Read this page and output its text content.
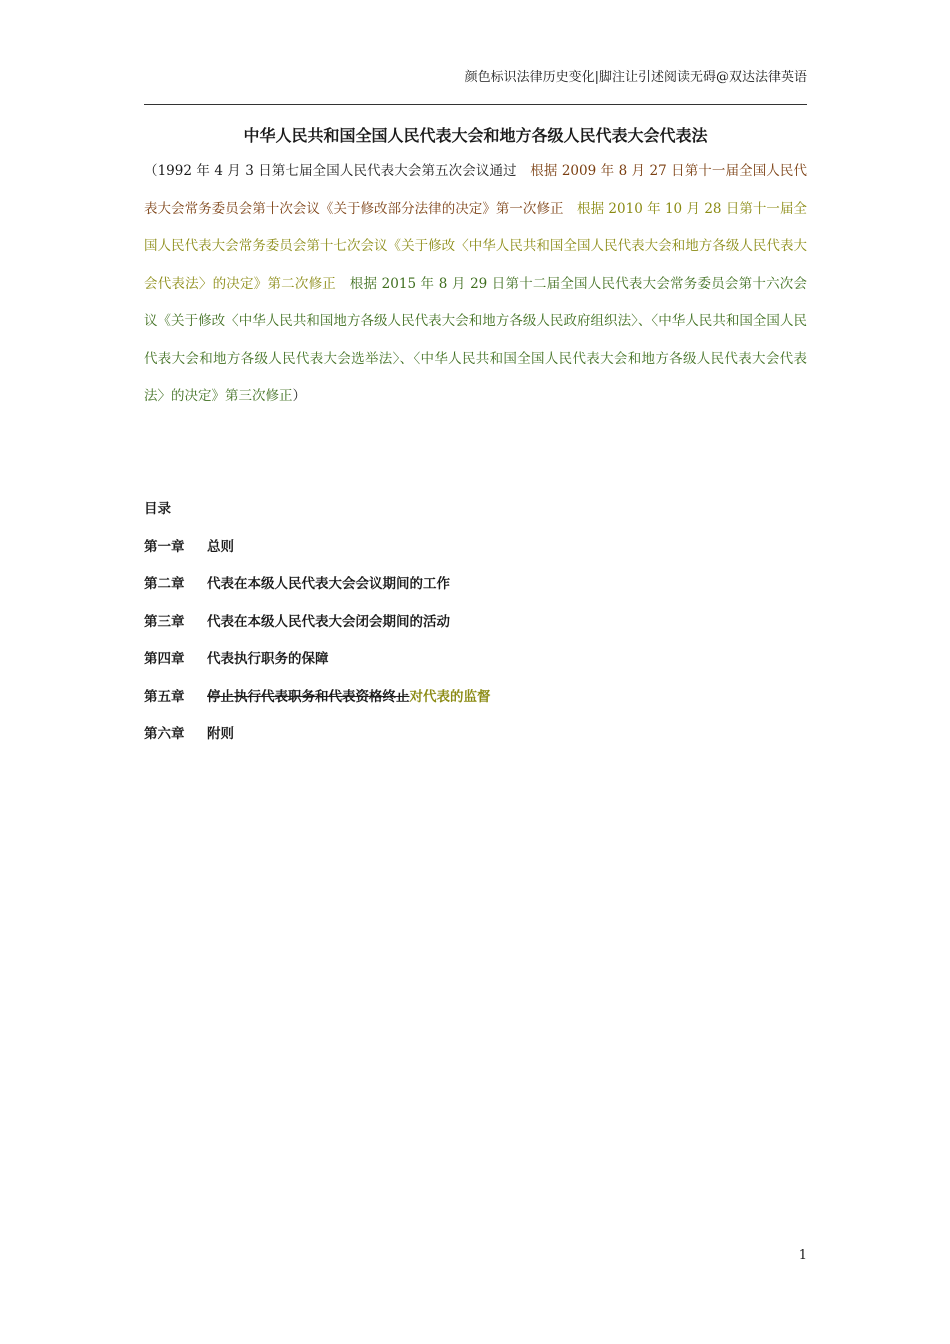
颜色标识法律历史变化|脚注让引述阅读无碍@双达法律英语
中华人民共和国全国人民代表大会和地方各级人民代表大会代表法

（1992 年 4 月 3 日第七届全国人民代表大会第五次会议通过　根据 2009 年 8 月 27 日第十一届全国人民代表大会常务委员会第十次会议《关于修改部分法律的决定》第一次修正　根据 2010 年 10 月 28 日第十一届全国人民代表大会常务委员会第十七次会议《关于修改〈中华人民共和国全国人民代表大会和地方各级人民代表大会代表法〉的决定》第二次修正　根据 2015 年 8 月 29 日第十二届全国人民代表大会常务委员会第十六次会议《关于修改〈中华人民共和国地方各级人民代表大会和地方各级人民政府组织法〉、〈中华人民共和国全国人民代表大会和地方各级人民代表大会选举法〉、〈中华人民共和国全国人民代表大会和地方各级人民代表大会代表法〉的决定》第三次修正）

目录
第一章 总则
第二章 代表在本级人民代表大会会议期间的工作
第三章 代表在本级人民代表大会闭会期间的活动
第四章 代表执行职务的保障
第五章 停止执行代表职务和代表资格终止对代表的监督
第六章 附则
1
